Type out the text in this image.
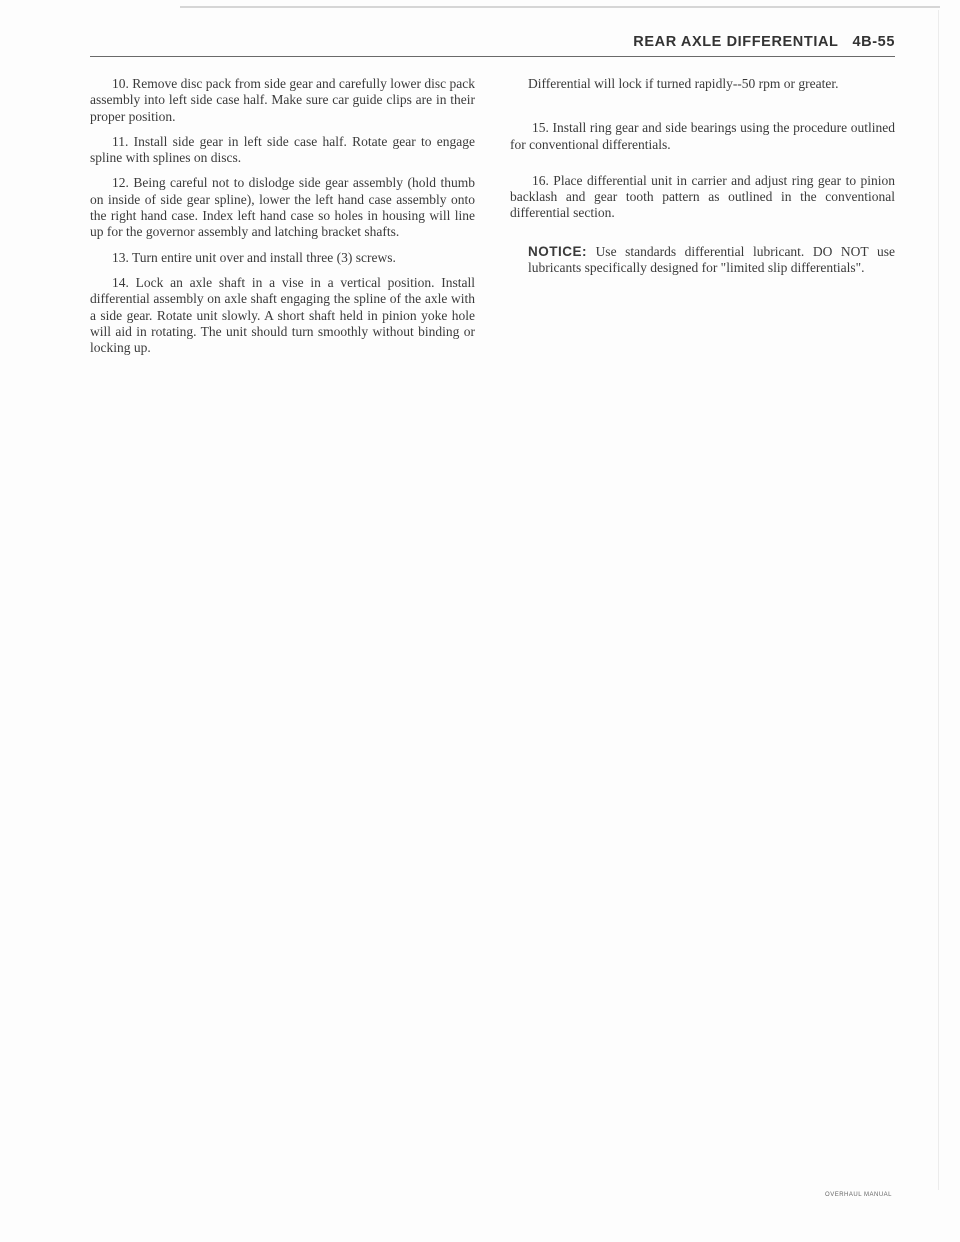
REAR AXLE DIFFERENTIAL 4B-55

10. Remove disc pack from side gear and carefully lower disc pack assembly into left side case half. Make sure car guide clips are in their proper position.

11. Install side gear in left side case half. Rotate gear to engage spline with splines on discs.

12. Being careful not to dislodge side gear assembly (hold thumb on inside of side gear spline), lower the left hand case assembly onto the right hand case. Index left hand case so holes in housing will line up for the governor assembly and latching bracket shafts.

13. Turn entire unit over and install three (3) screws.

14. Lock an axle shaft in a vise in a vertical position. Install differential assembly on axle shaft engaging the spline of the axle with a side gear. Rotate unit slowly. A short shaft held in pinion yoke hole will aid in rotating. The unit should turn smoothly without binding or locking up.

Differential will lock if turned rapidly--50 rpm or greater.

15. Install ring gear and side bearings using the procedure outlined for conventional differentials.

16. Place differential unit in carrier and adjust ring gear to pinion backlash and gear tooth pattern as outlined in the conventional differential section.

NOTICE: Use standards differential lubricant. DO NOT use lubricants specifically designed for "limited slip differentials".

OVERHAUL MANUAL
